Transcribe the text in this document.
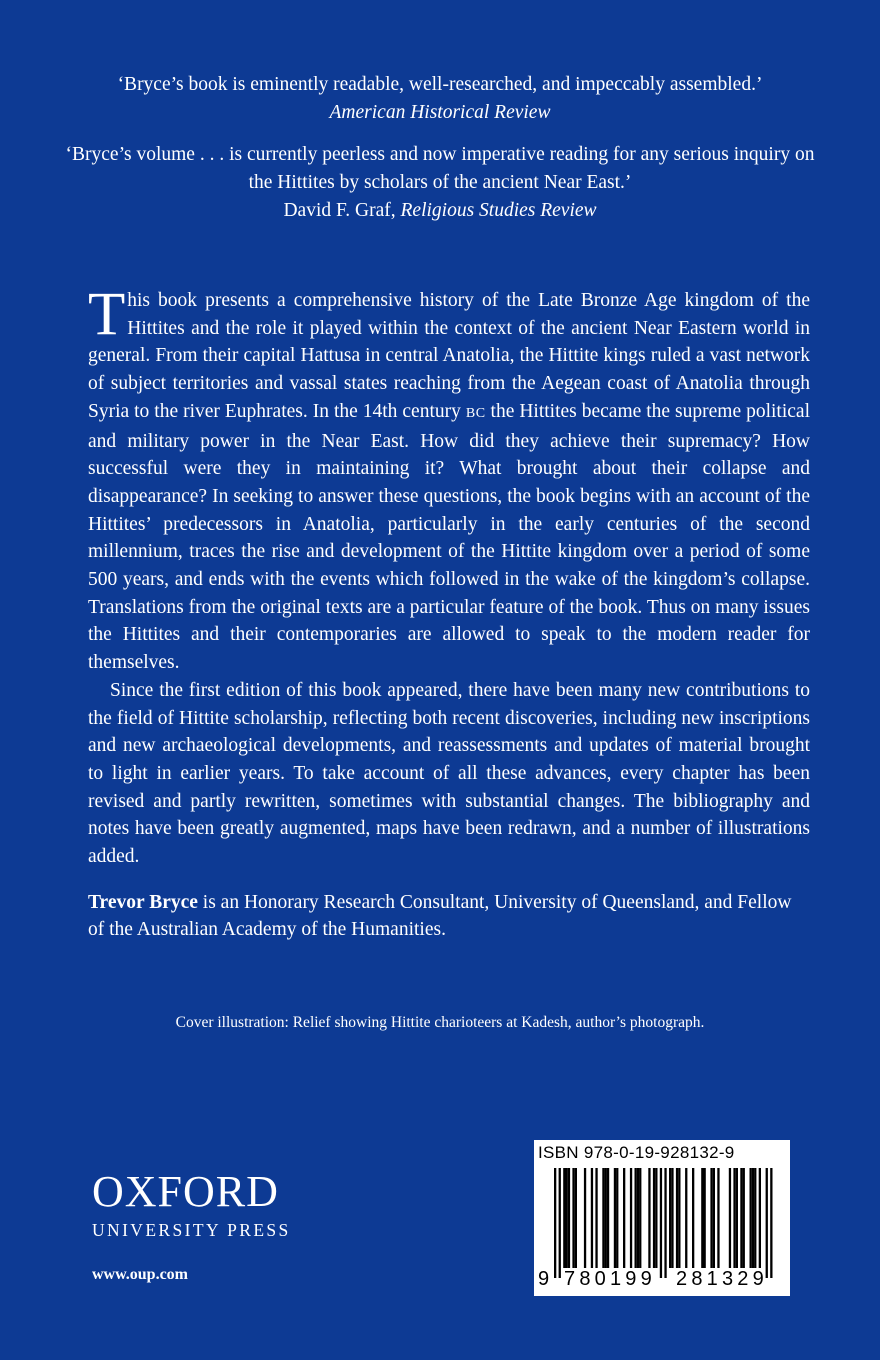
‘Bryce’s book is eminently readable, well-researched, and impeccably assembled.’

American Historical Review

‘Bryce’s volume . . . is currently peerless and now imperative reading for any serious inquiry on the Hittites by scholars of the ancient Near East.’

David F. Graf, Religious Studies Review

This book presents a comprehensive history of the Late Bronze Age kingdom of the Hittites and the role it played within the context of the ancient Near Eastern world in general. From their capital Hattusa in central Anatolia, the Hittite kings ruled a vast network of subject territories and vassal states reaching from the Aegean coast of Anatolia through Syria to the river Euphrates. In the 14th century BC the Hittites became the supreme political and military power in the Near East. How did they achieve their supremacy? How successful were they in maintaining it? What brought about their collapse and disappearance? In seeking to answer these questions, the book begins with an account of the Hittites’ predecessors in Anatolia, particularly in the early centuries of the second millennium, traces the rise and development of the Hittite kingdom over a period of some 500 years, and ends with the events which followed in the wake of the kingdom’s collapse. Translations from the original texts are a particular feature of the book. Thus on many issues the Hittites and their contemporaries are allowed to speak to the modern reader for themselves.

Since the first edition of this book appeared, there have been many new contributions to the field of Hittite scholarship, reflecting both recent discoveries, including new inscriptions and new archaeological developments, and reassessments and updates of material brought to light in earlier years. To take account of all these advances, every chapter has been revised and partly rewritten, sometimes with substantial changes. The bibliography and notes have been greatly augmented, maps have been redrawn, and a number of illustrations added.

Trevor Bryce is an Honorary Research Consultant, University of Queensland, and Fellow of the Australian Academy of the Humanities.

Cover illustration: Relief showing Hittite charioteers at Kadesh, author’s photograph.
OXFORD
UNIVERSITY PRESS
www.oup.com
ISBN 978-0-19-928132-9
9 780199 281329
